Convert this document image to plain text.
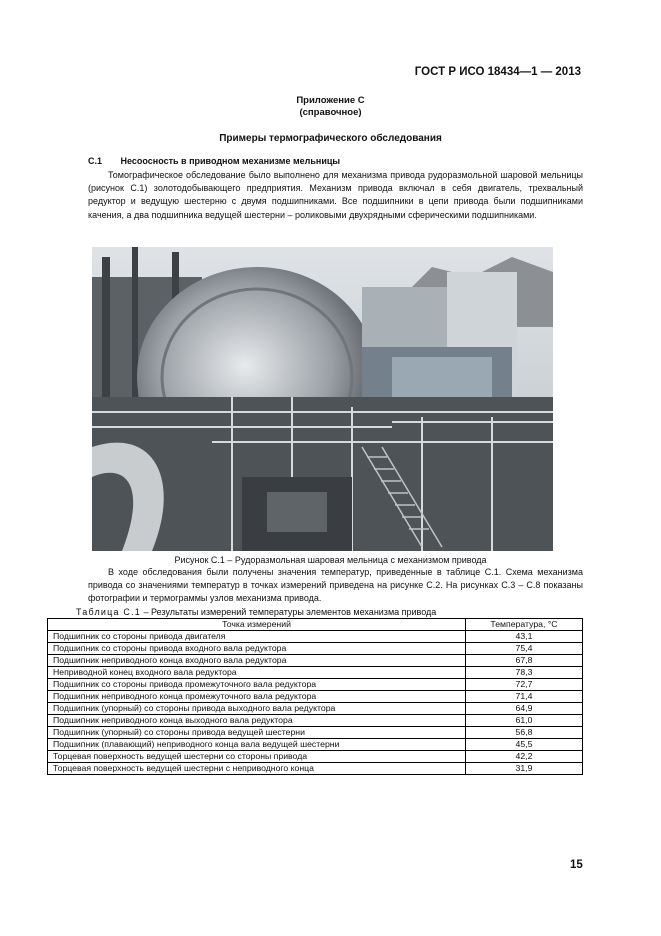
ГОСТ Р ИСО 18434—1 — 2013
Приложение С
(справочное)
Примеры термографического обследования
С.1 Несоосность в приводном механизме мельницы
Томографическое обследование было выполнено для механизма привода рудоразмольной шаровой мельницы (рисунок С.1) золотодобывающего предприятия. Механизм привода включал в себя двигатель, трехвальный редуктор и ведущую шестерню с двумя подшипниками. Все подшипники в цепи привода были подшипниками качения, а два подшипника ведущей шестерни – роликовыми двухрядными сферическими подшипниками.
Рисунок С.1 – Рудоразмольная шаровая мельница с механизмом привода
В ходе обследования были получены значения температур, приведенные в таблице С.1. Схема механизма привода со значениями температур в точках измерений приведена на рисунке С.2. На рисунках С.3 – С.8 показаны фотографии и термограммы узлов механизма привода.
Таблица С.1 – Результаты измерений температуры элементов механизма привода
Точка измерений	Температура, °С
Подшипник со стороны привода двигателя	43,1
Подшипник со стороны привода входного вала редуктора	75,4
Подшипник неприводного конца входного вала редуктора	67,8
Неприводной конец входного вала редуктора	78,3
Подшипник со стороны привода промежуточного вала редуктора	72,7
Подшипник неприводного конца промежуточного вала редуктора	71,4
Подшипник (упорный) со стороны привода выходного вала редуктора	64,9
Подшипник неприводного конца выходного вала редуктора	61,0
Подшипник (упорный) со стороны привода ведущей шестерни	56,8
Подшипник (плавающий) неприводного конца вала ведущей шестерни	45,5
Торцевая поверхность ведущей шестерни со стороны привода	42,2
Торцевая поверхность ведущей шестерни с неприводного конца	31,9
15
